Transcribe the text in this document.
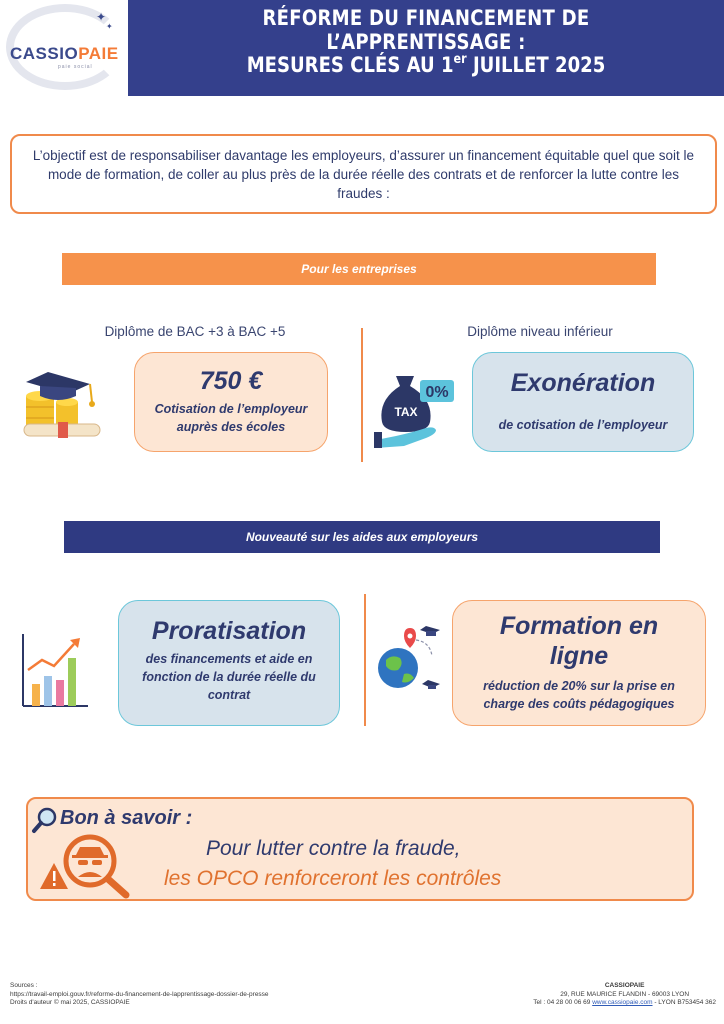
✦
✦
CASSIOPAIE
paie social
RÉFORME DU FINANCEMENT DE L’APPRENTISSAGE :
MESURES CLÉS AU 1er JUILLET 2025
L’objectif est de responsabiliser davantage les employeurs, d’assurer un financement équitable quel que soit le mode de formation, de coller au plus près de la durée réelle des contrats et de renforcer la lutte contre les fraudes :
Pour les entreprises
Diplôme de BAC +3 à BAC +5	Diplôme niveau inférieur
750 €
Cotisation de l’employeur
auprès des écoles
TAX
0%	Exonération
de cotisation de l’employeur
Nouveauté sur les aides aux employeurs
Proratisation
des financements et aide en
fonction de la durée réelle du
contrat
Formation en
ligne
réduction de 20% sur la prise en
charge des coûts pédagogiques
Bon à savoir :
Pour lutter contre la fraude,
les OPCO renforceront les contrôles
Sources :
https://travail-emploi.gouv.fr/reforme-du-financement-de-lapprentissage-dossier-de-presse
Droits d'auteur © mai 2025, CASSIOPAIE
CASSIOPAIE
29, RUE MAURICE FLANDIN - 69003 LYON
Tel : 04 28 00 06 69 www.cassiopaie.com - LYON B753454 362
